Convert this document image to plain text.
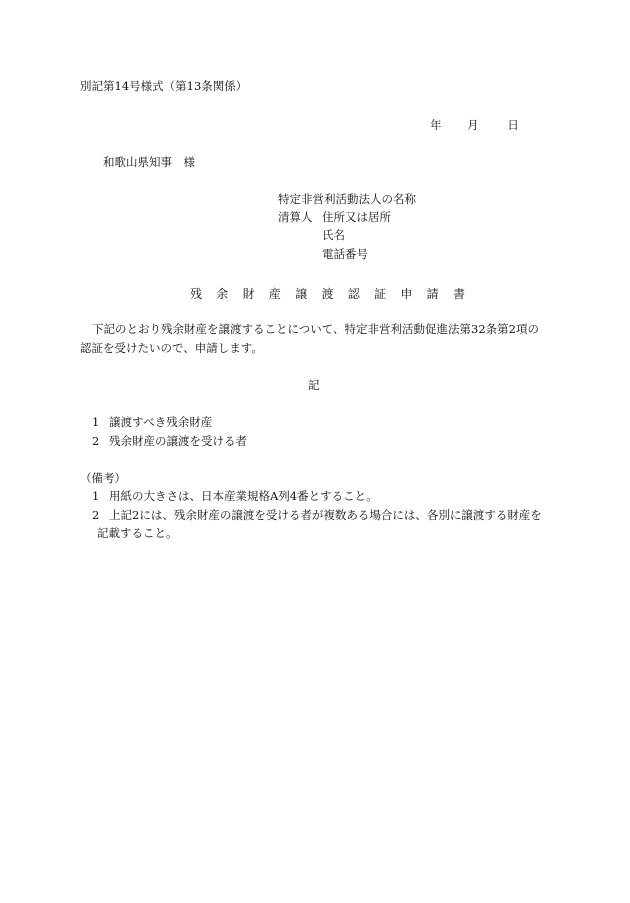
別記第14号様式（第13条関係）
年 月 日
和歌山県知事　様
特定非営利活動法人の名称
清算人 住所又は居所
氏名
電話番号
残 余 財 産 譲 渡 認 証 申 請 書
下記のとおり残余財産を譲渡することについて、特定非営利活動促進法第32条第2項の
認証を受けたいので、申請します。
記
1 譲渡すべき残余財産
2 残余財産の譲渡を受ける者
（備考）
1 用紙の大きさは、日本産業規格A列4番とすること。
2 上記2には、残余財産の譲渡を受ける者が複数ある場合には、各別に譲渡する財産を
記載すること。
